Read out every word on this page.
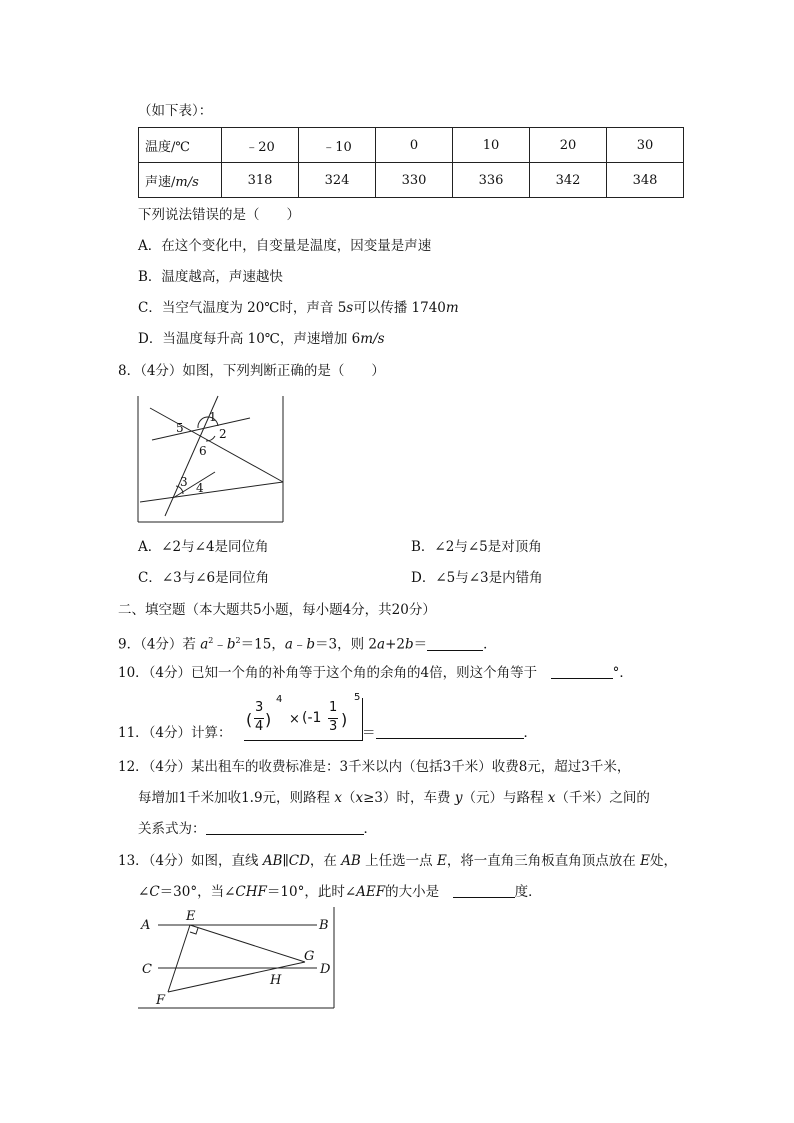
（如下表）：
温度/℃	﹣20	﹣10	0	10	20	30
声速/m/s	318	324	330	336	342	348
下列说法错误的是（　　）
A．在这个变化中，自变量是温度，因变量是声速
B．温度越高，声速越快
C．当空气温度为 20℃时，声音 5s可以传播 1740m
D．当温度每升高 10℃，声速增加 6m/s
8．（4分）如图，下列判断正确的是（　　）
1
2
3 4
5
6
A．∠2与∠4是同位角	B．∠2与∠5是对顶角
C．∠3与∠6是同位角	D．∠5与∠3是内错角
二、填空题（本大题共5小题，每小题4分，共20分）
9．（4分）若 $a^2﹣b^2=15$，a﹣b＝3，则 2a+2b＝	．
10．（4分）已知一个角的补角等于这个角的余角的4倍，则这个角等于　	°．
11．（4分）计算：
(
3
4 )
4
× (-1
1
3 )
5
＝	．
12．（4分）某出租车的收费标准是：3千米以内（包括3千米）收费8元，超过3千米，
每增加1千米加收1.9元，则路程 x（x≥3）时，车费 y（元）与路程 x（千米）之间的
关系式为：	．
13．（4分）如图，直线 AB∥CD，在 AB 上任选一点 E，将一直角三角板直角顶点放在 E处，
∠C＝30°，当∠CHF＝10°，此时∠AEF的大小是　	度．
A	B
C	D
E
F
G
H
